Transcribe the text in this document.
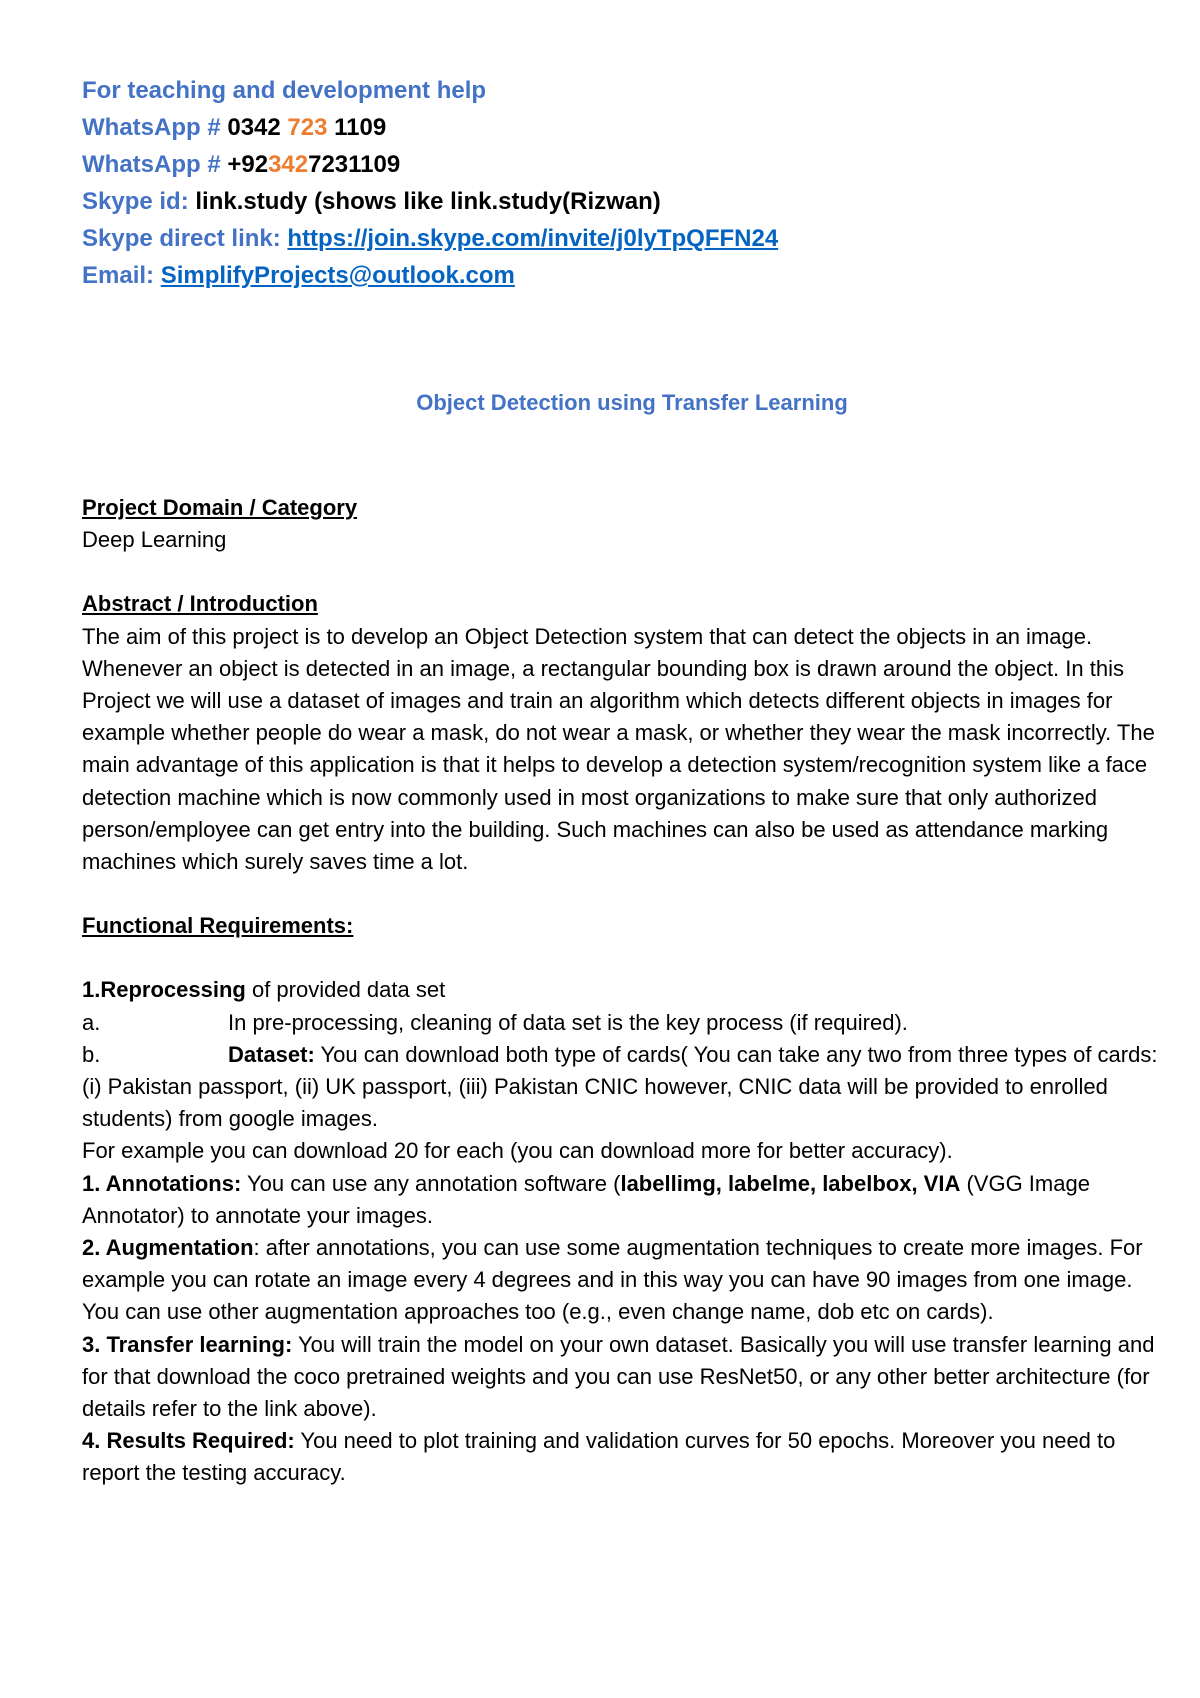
For teaching and development help
WhatsApp # 0342 723 1109
WhatsApp # +923427231109
Skype id: link.study (shows like link.study(Rizwan)
Skype direct link: https://join.skype.com/invite/j0lyTpQFFN24
Email: SimplifyProjects@outlook.com
Object Detection using Transfer Learning
Project Domain / Category
Deep Learning
Abstract / Introduction
The aim of this project is to develop an Object Detection system that can detect the objects in an image. Whenever an object is detected in an image, a rectangular bounding box is drawn around the object. In this Project we will use a dataset of images and train an algorithm which detects different objects in images for example whether people do wear a mask, do not wear a mask, or whether they wear the mask incorrectly. The main advantage of this application is that it helps to develop a detection system/recognition system like a face detection machine which is now commonly used in most organizations to make sure that only authorized person/employee can get entry into the building. Such machines can also be used as attendance marking machines which surely saves time a lot.
Functional Requirements:
1.Reprocessing of provided data set
a.	In pre-processing, cleaning of data set is the key process (if required).
b.	Dataset: You can download both type of cards( You can take any two from three types of cards: (i) Pakistan passport, (ii) UK passport, (iii) Pakistan CNIC however, CNIC data will be provided to enrolled students) from google images.
For example you can download 20 for each (you can download more for better accuracy).
1. Annotations: You can use any annotation software (labellimg, labelme, labelbox, VIA (VGG Image Annotator) to annotate your images.
2. Augmentation: after annotations, you can use some augmentation techniques to create more images. For example you can rotate an image every 4 degrees and in this way you can have 90 images from one image. You can use other augmentation approaches too (e.g., even change name, dob etc on cards).
3. Transfer learning: You will train the model on your own dataset. Basically you will use transfer learning and for that download the coco pretrained weights and you can use ResNet50, or any other better architecture (for details refer to the link above).
4. Results Required: You need to plot training and validation curves for 50 epochs. Moreover you need to report the testing accuracy.
